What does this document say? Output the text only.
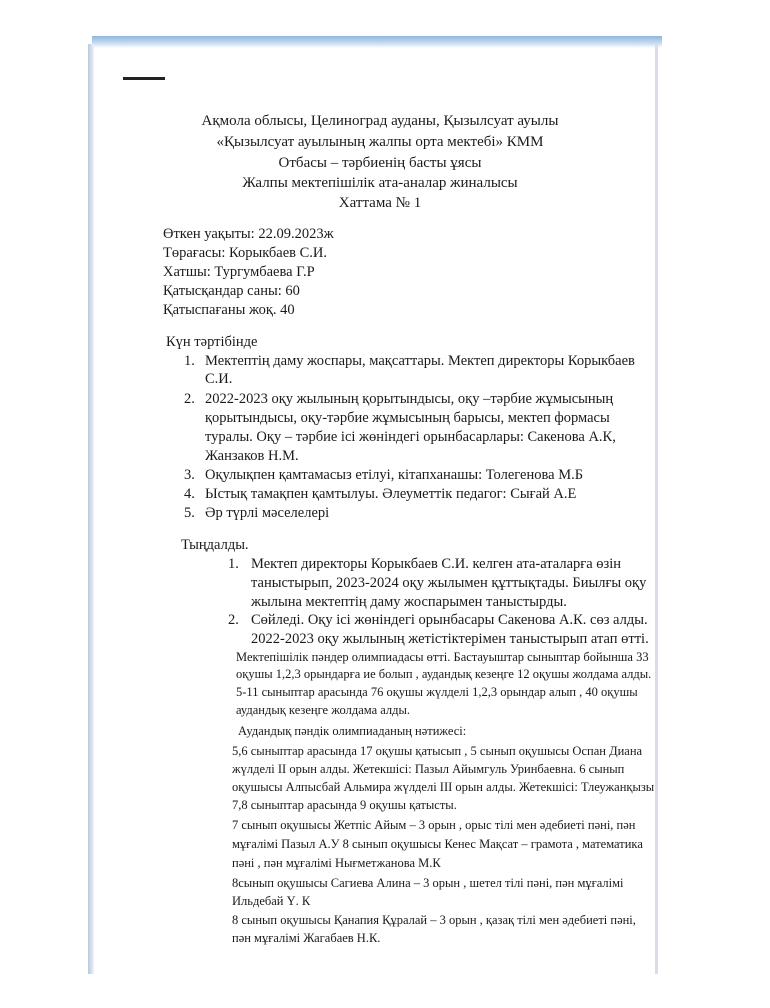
Ақмола облысы, Целиноград ауданы, Қызылсуат ауылы
«Қызылсуат ауылының жалпы орта мектебі» КММ
Отбасы – тәрбиенің басты ұясы
Жалпы мектепішілік ата-аналар жиналысы
Хаттама № 1
Өткен уақыты: 22.09.2023ж
Төрағасы: Корыкбаев С.И.
Хатшы: Тургумбаева Г.Р
Қатысқандар саны: 60
Қатыспағаны жоқ. 40
Күн тәртібінде
1. Мектептің даму жоспары, мақсаттары. Мектеп директоры Корыкбаев
С.И.
2. 2022-2023 оқу жылының қорытындысы, оқу –тәрбие жұмысының
қорытындысы, оқу-тәрбие жұмысының барысы, мектеп формасы
туралы. Оқу – тәрбие ісі жөніндегі орынбасарлары: Сакенова А.К,
Жанзаков Н.М.
3. Оқулықпен қамтамасыз етілуі, кітапханашы: Толегенова М.Б
4. Ыстық тамақпен қамтылуы. Әлеуметтік педагог: Сығай А.Е
5. Әр түрлі мәселелері
Тыңдалды.
1. Мектеп директоры Корыкбаев С.И. келген ата-аталарға өзін
таныстырып, 2023-2024 оқу жылымен құттықтады. Биылғы оқу
жылына мектептің даму жоспарымен таныстырды.
2. Сөйледі. Оқу ісі жөніндегі орынбасары Сакенова А.К. сөз алды.
2022-2023 оқу жылының жетістіктерімен таныстырып атап өтті.
Мектепішілік пәндер олимпиадасы өтті. Бастауыштар сыныптар бойынша 33
оқушы 1,2,3 орындарға ие болып , аудандық кезеңге 12 оқушы жолдама алды.
5-11 сыныптар арасында 76 оқушы жүлделі 1,2,3 орындар алып , 40 оқушы
аудандық кезеңге жолдама алды.
Аудандық пәндік олимпиаданың нәтижесі:
5,6 сыныптар арасында 17 оқушы қатысып , 5 сынып оқушысы Оспан Диана
жүлделі ІІ орын алды. Жетекшісі: Пазыл Айымгуль Уринбаевна. 6 сынып
оқушысы Алпысбай Альмира жүлделі ІІІ орын алды. Жетекшісі: Тлеужанқызы
7,8 сыныптар арасында 9 оқушы қатысты.
7 сынып оқушысы Жетпіс Айым – 3 орын , орыс тілі мен әдебиеті пәні, пән
мұғалімі Пазыл А.У 8 сынып оқушысы Кенес Мақсат – грамота , математика
пәні , пән мұғалімі Нығметжанова М.К
8сынып оқушысы Сагиева Алина – 3 орын , шетел тілі пәні, пән мұғалімі
Ильдебай Ү. К
8 сынып оқушысы Қанапия Құралай – 3 орын , қазақ тілі мен әдебиеті пәні,
пән мұғалімі Жагабаев Н.К.
